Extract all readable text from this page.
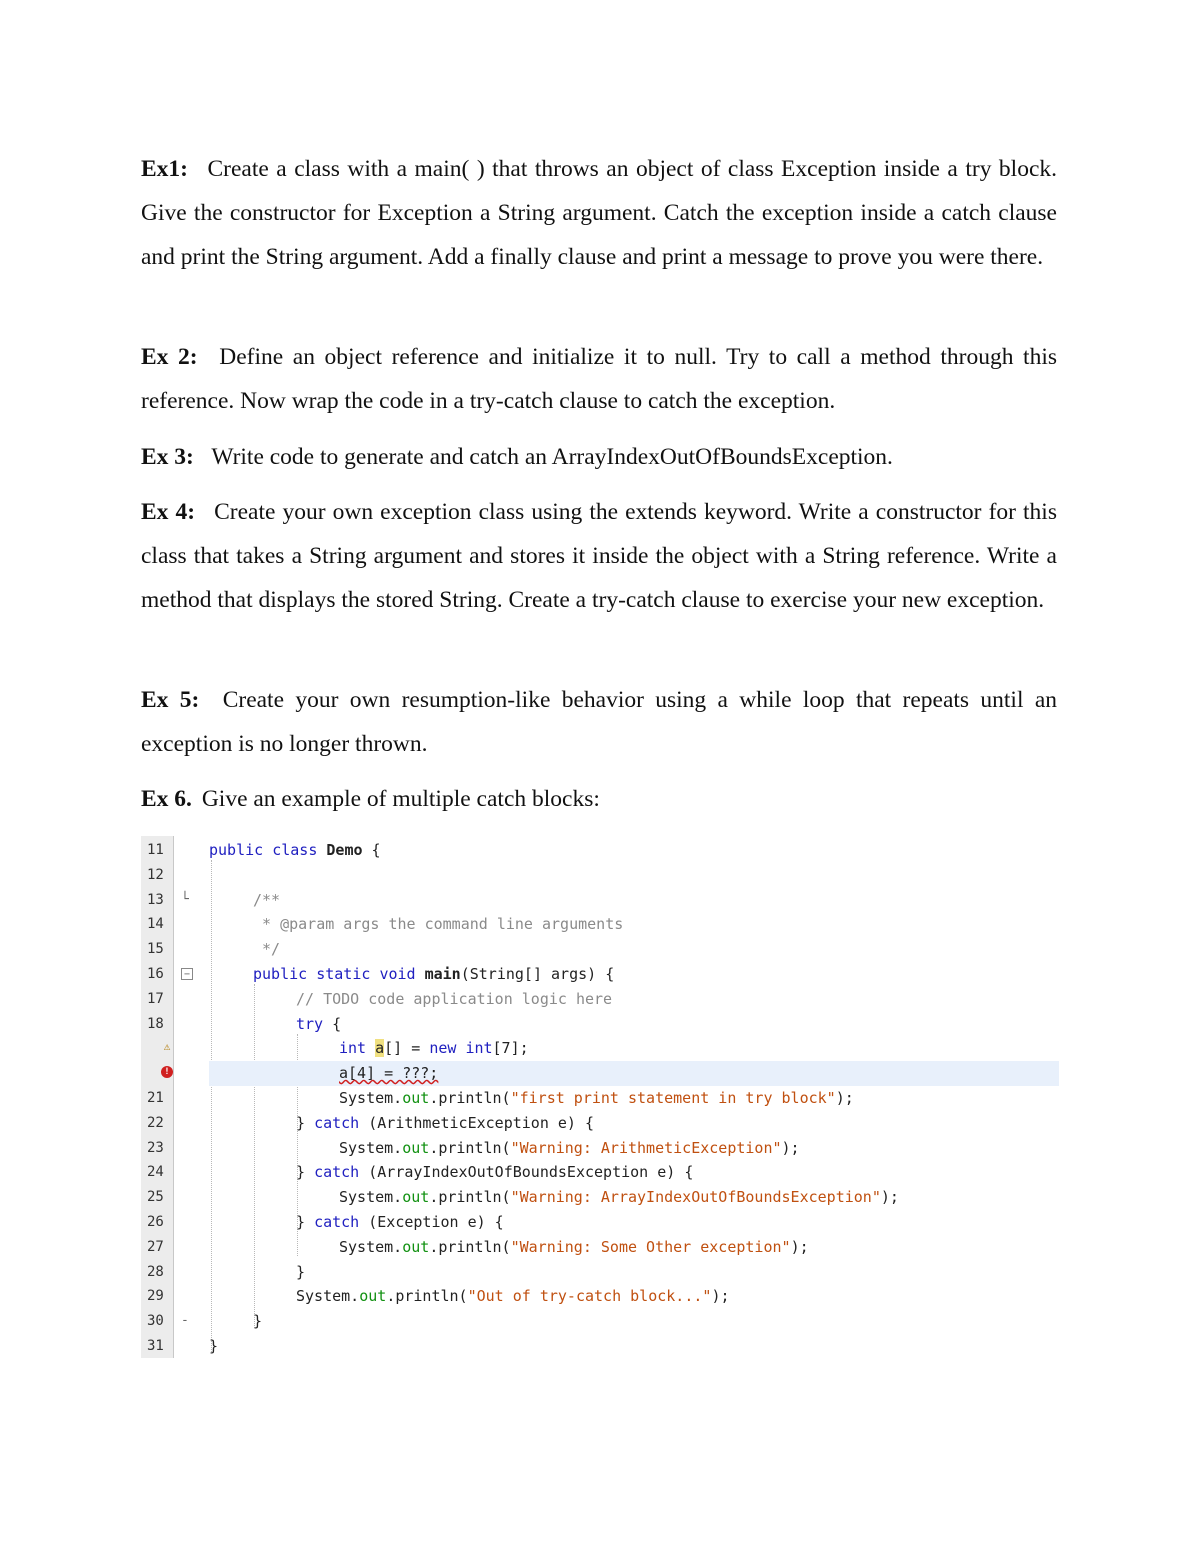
Ex1: Create a class with a main( ) that throws an object of class Exception inside a try block. Give the constructor for Exception a String argument. Catch the exception inside a catch clause and print the String argument. Add a finally clause and print a message to prove you were there.

Ex 2: Define an object reference and initialize it to null. Try to call a method through this reference. Now wrap the code in a try-catch clause to catch the exception.

Ex 3: Write code to generate and catch an ArrayIndexOutOfBoundsException.

Ex 4: Create your own exception class using the extends keyword. Write a constructor for this class that takes a String argument and stores it inside the object with a String reference. Write a method that displays the stored String. Create a try-catch clause to exercise your new exception.

Ex 5: Create your own resumption-like behavior using a while loop that repeats until an exception is no longer thrown.

Ex 6. Give an example of multiple catch blocks:

11	public class Demo {
12
13	└	/**
14	* @param args the command line arguments
15	*/
16	−	public static void main(String[] args) {
17	// TODO code application logic here
18	try {
⚠	int a[] = new int[7];
!	a[4] = ???;
21	System.out.println("first print statement in try block");
22	} catch (ArithmeticException e) {
23	System.out.println("Warning: ArithmeticException");
24	} catch (ArrayIndexOutOfBoundsException e) {
25	System.out.println("Warning: ArrayIndexOutOfBoundsException");
26	} catch (Exception e) {
27	System.out.println("Warning: Some Other exception");
28	}
29	System.out.println("Out of try-catch block...");
30	-	}
31	}
